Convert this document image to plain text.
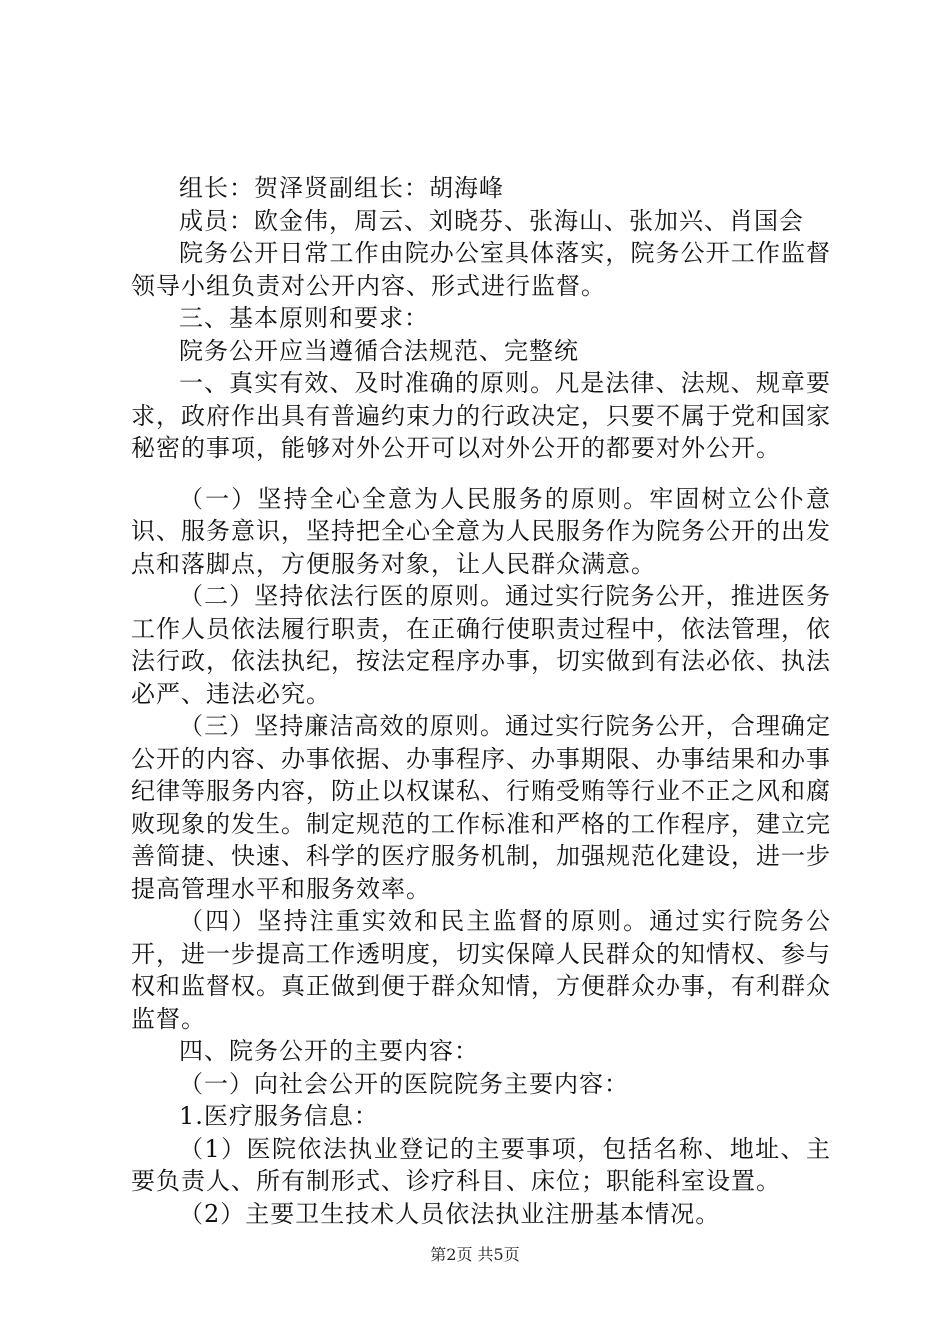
组长：贺泽贤副组长：胡海峰

成员：欧金伟，周云、刘晓芬、张海山、张加兴、肖国会

院务公开日常工作由院办公室具体落实，院务公开工作监督领导小组负责对公开内容、形式进行监督。

三、基本原则和要求：

院务公开应当遵循合法规范、完整统

一、真实有效、及时准确的原则。凡是法律、法规、规章要求，政府作出具有普遍约束力的行政决定，只要不属于党和国家秘密的事项，能够对外公开可以对外公开的都要对外公开。

（一）坚持全心全意为人民服务的原则。牢固树立公仆意识、服务意识，坚持把全心全意为人民服务作为院务公开的出发点和落脚点，方便服务对象，让人民群众满意。

（二）坚持依法行医的原则。通过实行院务公开，推进医务工作人员依法履行职责，在正确行使职责过程中，依法管理，依法行政，依法执纪，按法定程序办事，切实做到有法必依、执法必严、违法必究。

（三）坚持廉洁高效的原则。通过实行院务公开，合理确定公开的内容、办事依据、办事程序、办事期限、办事结果和办事纪律等服务内容，防止以权谋私、行贿受贿等行业不正之风和腐败现象的发生。制定规范的工作标准和严格的工作程序，建立完善简捷、快速、科学的医疗服务机制，加强规范化建设，进一步提高管理水平和服务效率。

（四）坚持注重实效和民主监督的原则。通过实行院务公开，进一步提高工作透明度，切实保障人民群众的知情权、参与权和监督权。真正做到便于群众知情，方便群众办事，有利群众监督。

四、院务公开的主要内容：

（一）向社会公开的医院院务主要内容：

1.医疗服务信息：

（1）医院依法执业登记的主要事项，包括名称、地址、主要负责人、所有制形式、诊疗科目、床位；职能科室设置。

（2）主要卫生技术人员依法执业注册基本情况。

第2页 共5页
